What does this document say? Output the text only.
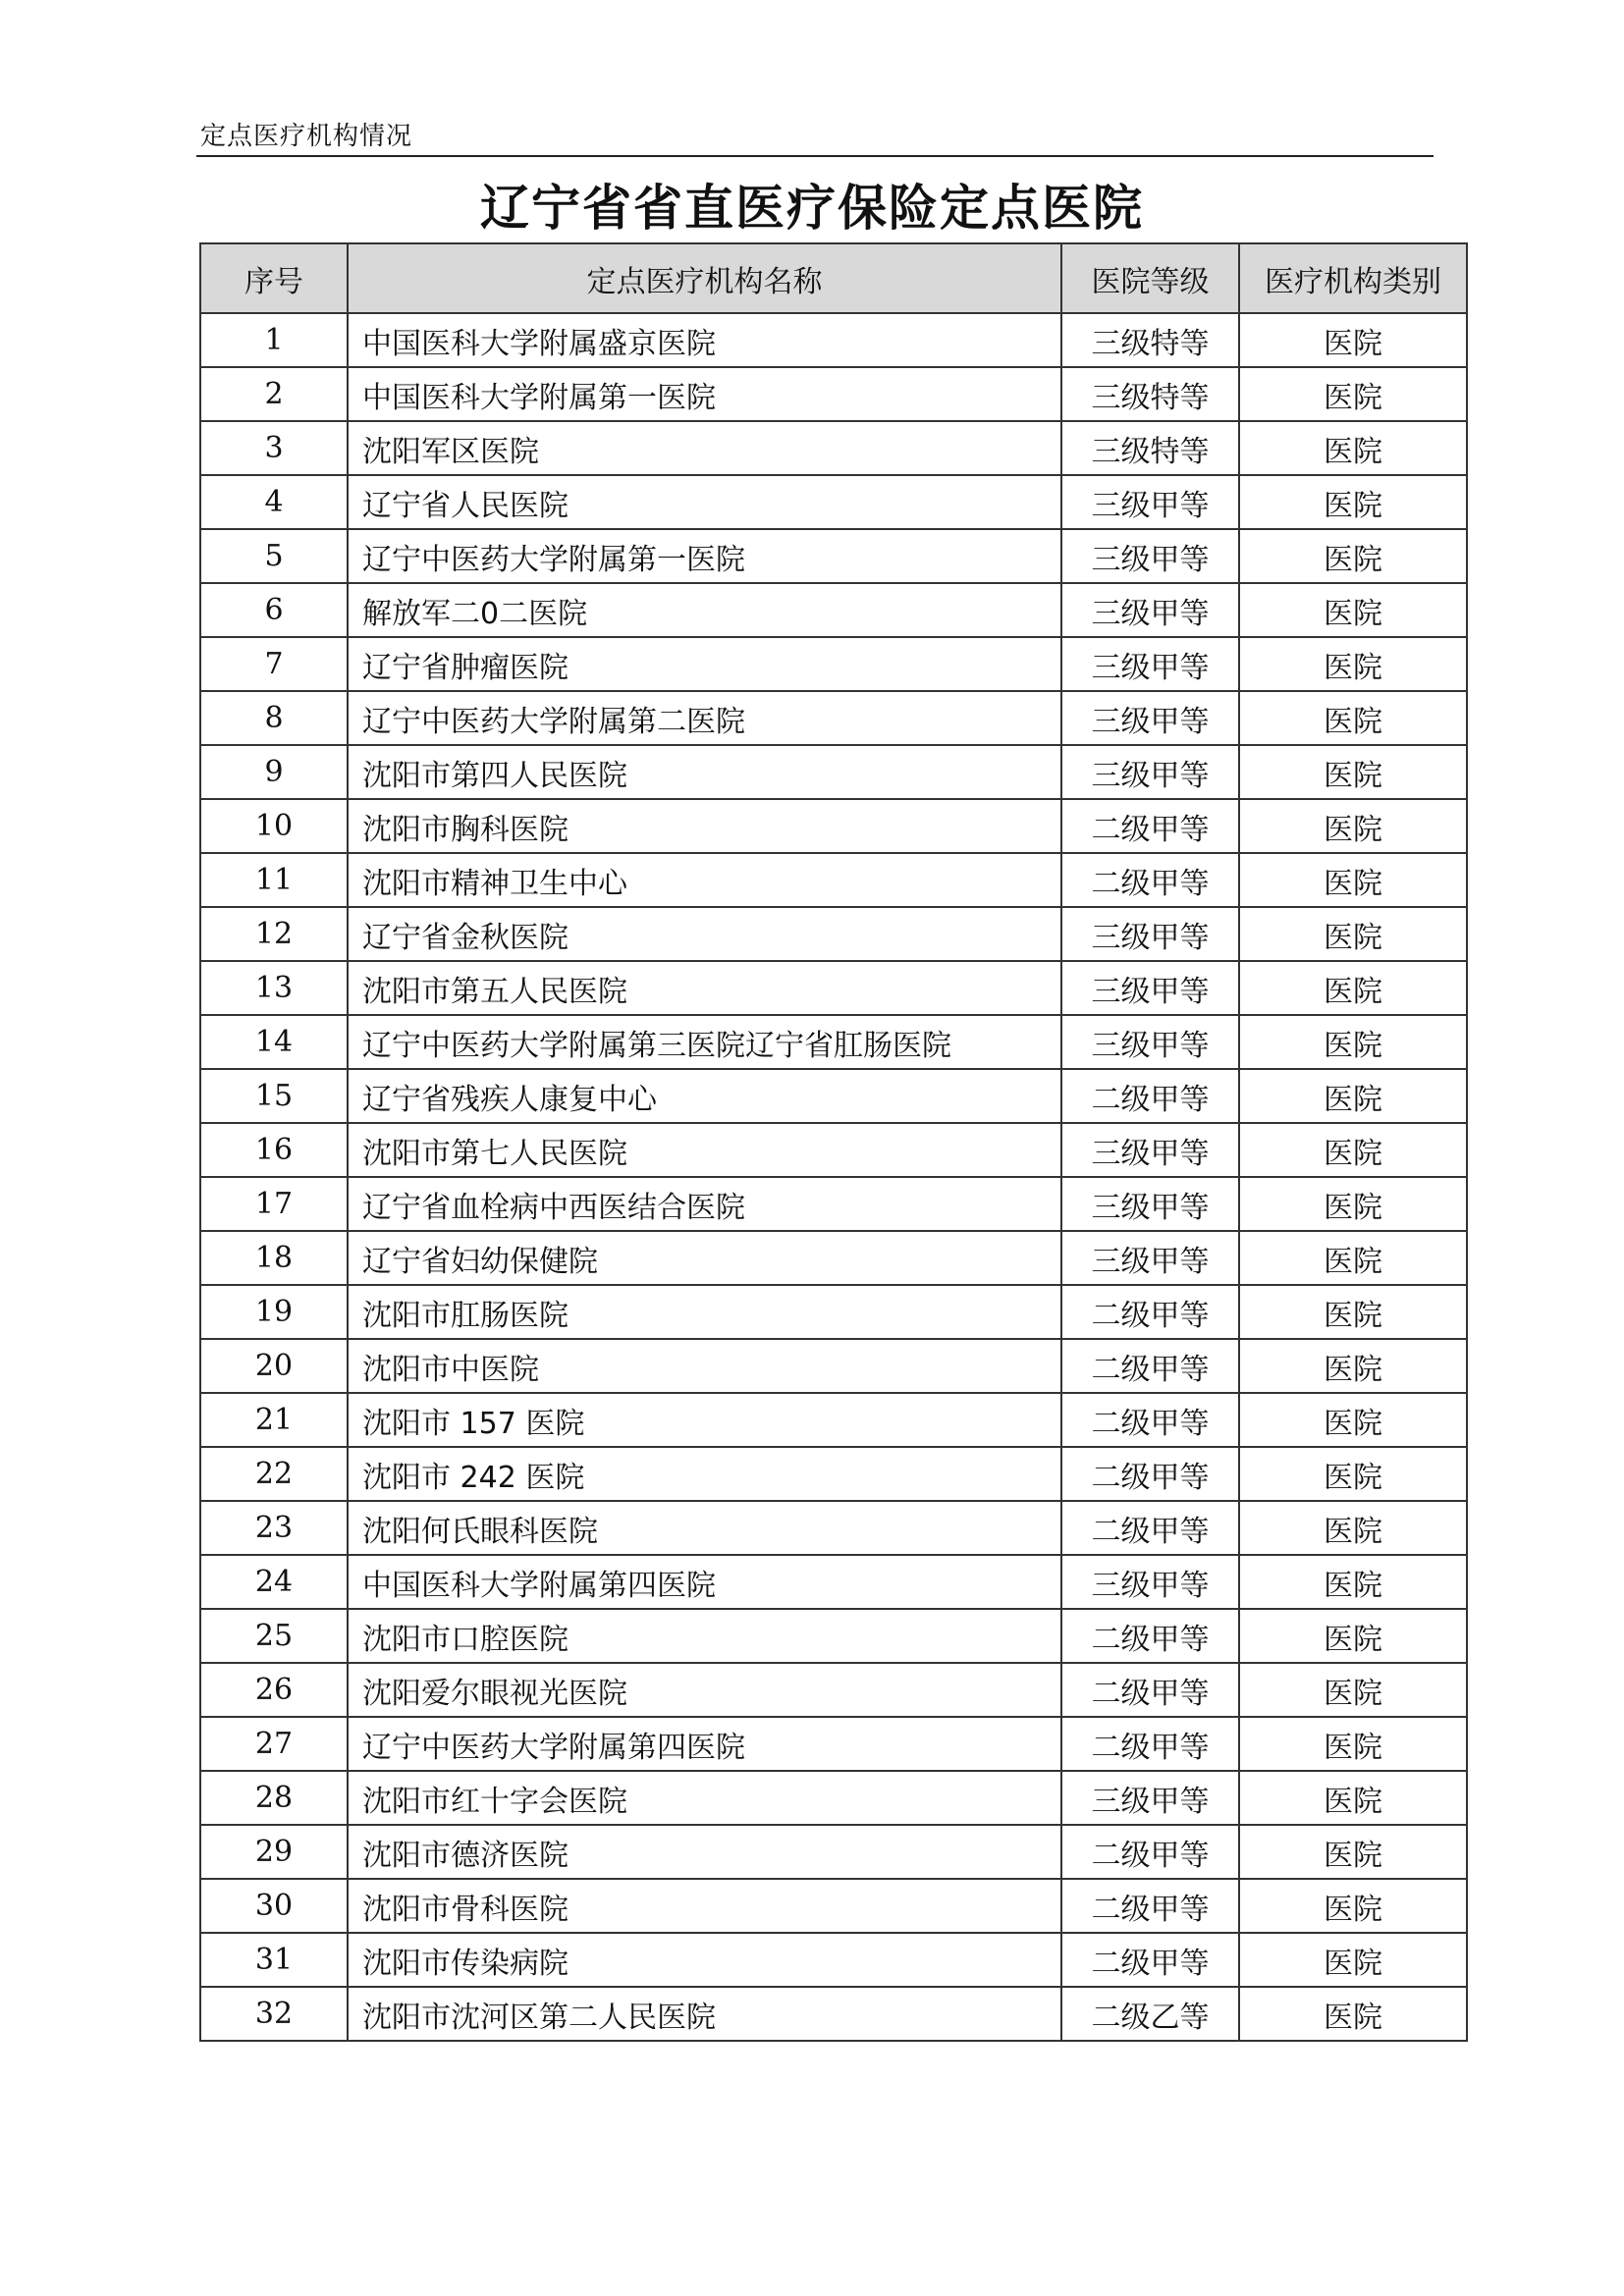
定点医疗机构情况
辽宁省省直医疗保险定点医院
序号	定点医疗机构名称	医院等级	医疗机构类别
1	中国医科大学附属盛京医院	三级特等	医院
2	中国医科大学附属第一医院	三级特等	医院
3	沈阳军区医院	三级特等	医院
4	辽宁省人民医院	三级甲等	医院
5	辽宁中医药大学附属第一医院	三级甲等	医院
6	解放军二0二医院	三级甲等	医院
7	辽宁省肿瘤医院	三级甲等	医院
8	辽宁中医药大学附属第二医院	三级甲等	医院
9	沈阳市第四人民医院	三级甲等	医院
10	沈阳市胸科医院	二级甲等	医院
11	沈阳市精神卫生中心	二级甲等	医院
12	辽宁省金秋医院	三级甲等	医院
13	沈阳市第五人民医院	三级甲等	医院
14	辽宁中医药大学附属第三医院辽宁省肛肠医院	三级甲等	医院
15	辽宁省残疾人康复中心	二级甲等	医院
16	沈阳市第七人民医院	三级甲等	医院
17	辽宁省血栓病中西医结合医院	三级甲等	医院
18	辽宁省妇幼保健院	三级甲等	医院
19	沈阳市肛肠医院	二级甲等	医院
20	沈阳市中医院	二级甲等	医院
21	沈阳市 157 医院	二级甲等	医院
22	沈阳市 242 医院	二级甲等	医院
23	沈阳何氏眼科医院	二级甲等	医院
24	中国医科大学附属第四医院	三级甲等	医院
25	沈阳市口腔医院	二级甲等	医院
26	沈阳爱尔眼视光医院	二级甲等	医院
27	辽宁中医药大学附属第四医院	二级甲等	医院
28	沈阳市红十字会医院	三级甲等	医院
29	沈阳市德济医院	二级甲等	医院
30	沈阳市骨科医院	二级甲等	医院
31	沈阳市传染病院	二级甲等	医院
32	沈阳市沈河区第二人民医院	二级乙等	医院
